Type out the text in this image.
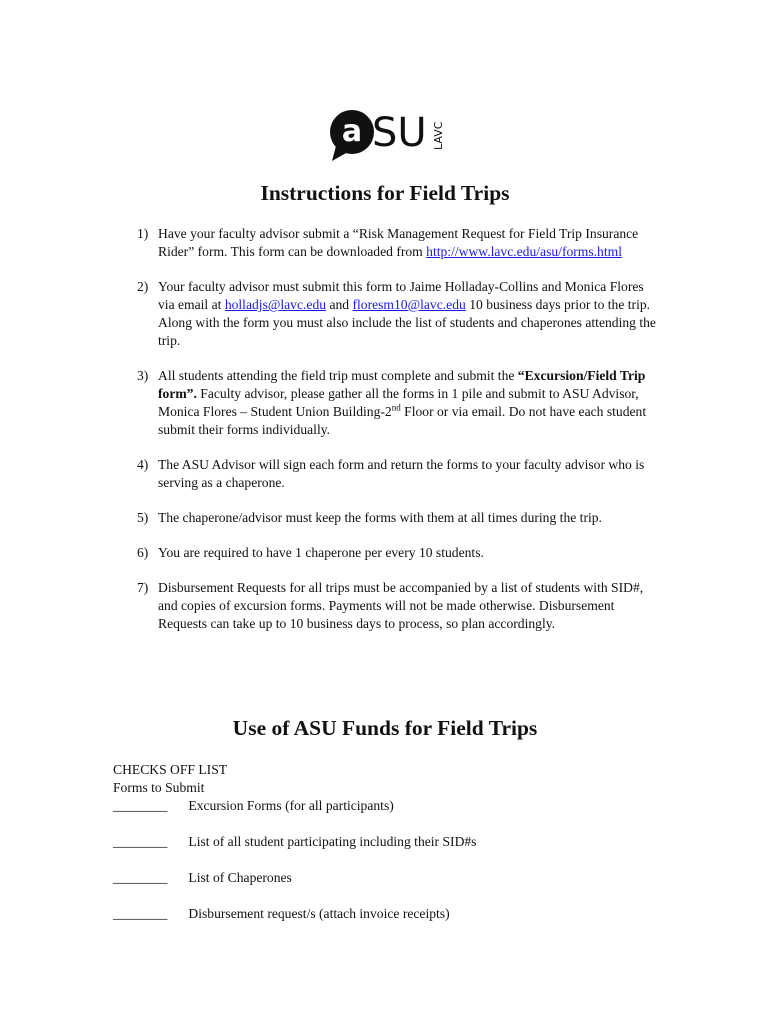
a SU LAVC
Instructions for Field Trips
1) Have your faculty advisor submit a “Risk Management Request for Field Trip Insurance Rider” form. This form can be downloaded from http://www.lavc.edu/asu/forms.html
2) Your faculty advisor must submit this form to Jaime Holladay-Collins and Monica Flores via email at holladjs@lavc.edu and floresm10@lavc.edu 10 business days prior to the trip. Along with the form you must also include the list of students and chaperones attending the trip.
3) All students attending the field trip must complete and submit the “Excursion/Field Trip form”. Faculty advisor, please gather all the forms in 1 pile and submit to ASU Advisor, Monica Flores – Student Union Building-2nd Floor or via email. Do not have each student submit their forms individually.
4) The ASU Advisor will sign each form and return the forms to your faculty advisor who is serving as a chaperone.
5) The chaperone/advisor must keep the forms with them at all times during the trip.
6) You are required to have 1 chaperone per every 10 students.
7) Disbursement Requests for all trips must be accompanied by a list of students with SID#, and copies of excursion forms. Payments will not be made otherwise. Disbursement Requests can take up to 10 business days to process, so plan accordingly.
Use of ASU Funds for Field Trips
CHECKS OFF LIST
Forms to Submit
________ Excursion Forms (for all participants)
________ List of all student participating including their SID#s
________ List of Chaperones
________ Disbursement request/s (attach invoice receipts)
